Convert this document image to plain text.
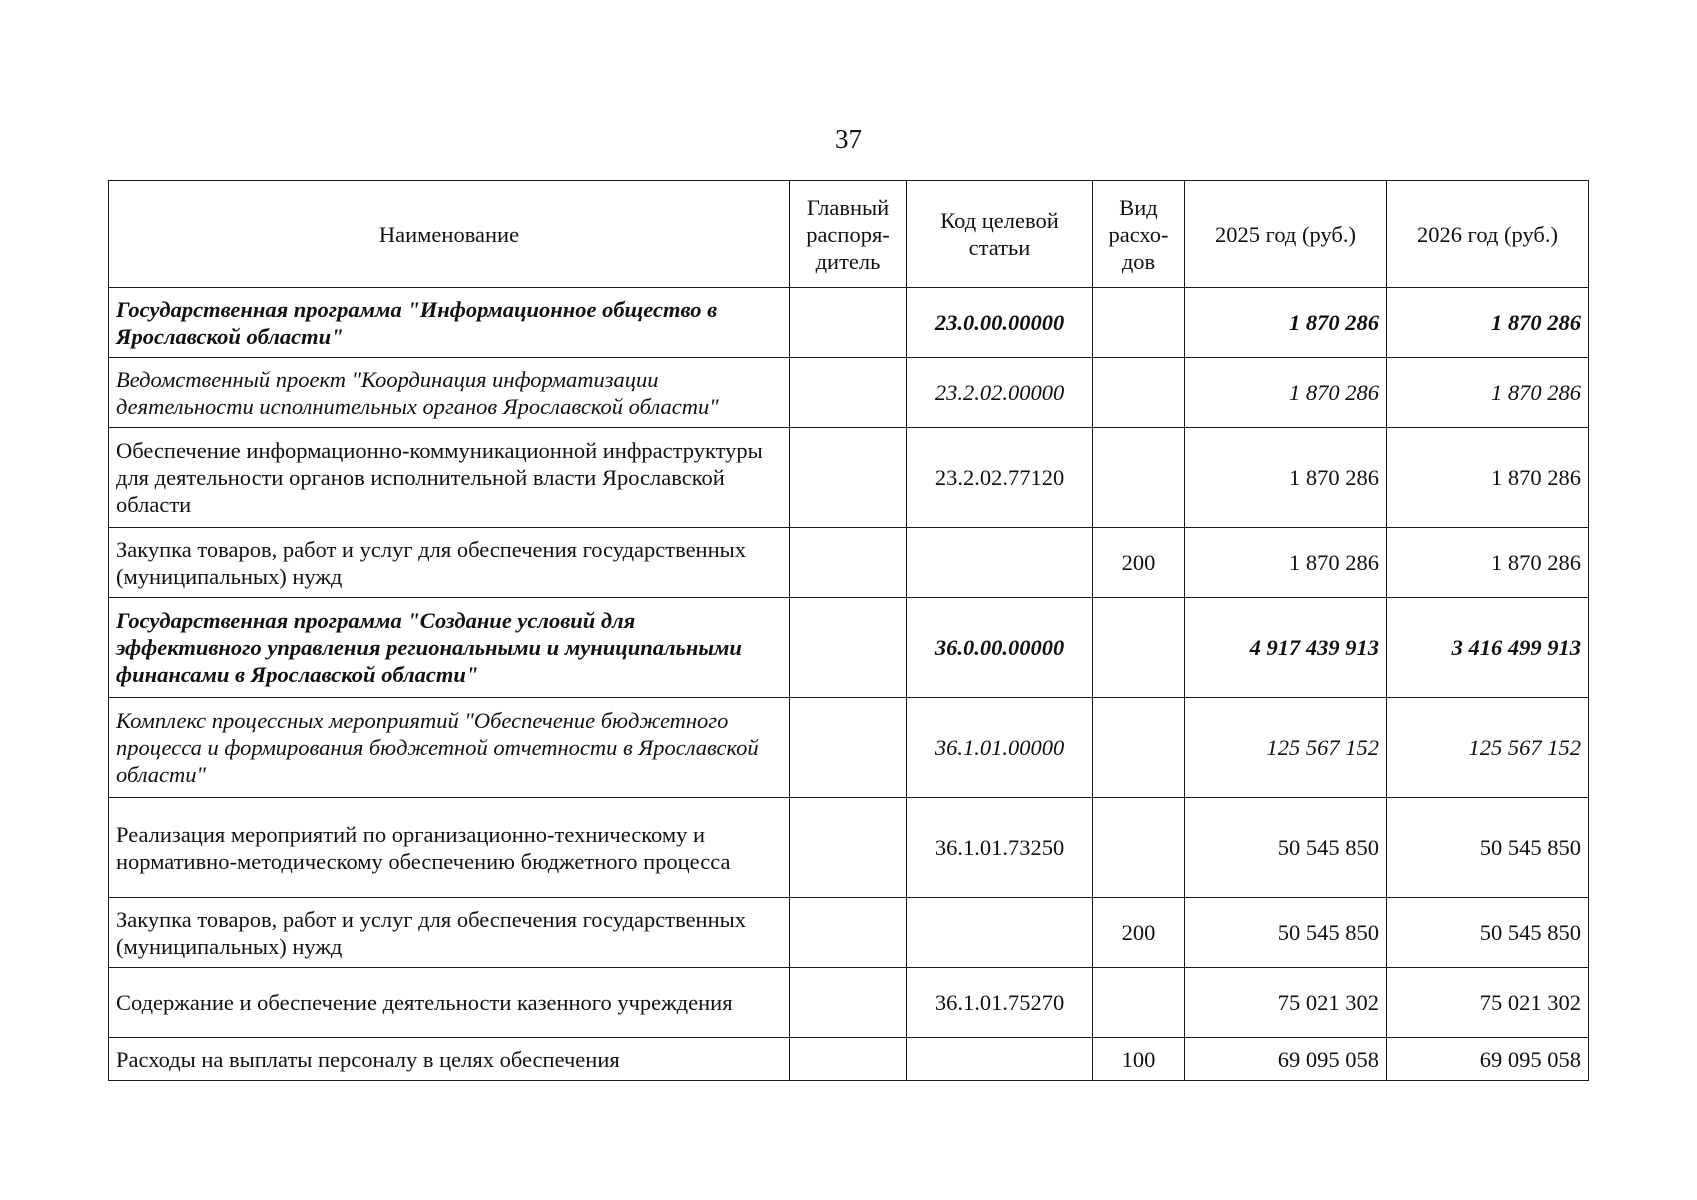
37
Наименование	Главный распоря-дитель	Код целевой статьи	Вид расхо-дов	2025 год (руб.)	2026 год (руб.)
Государственная программа "Информационное общество в Ярославской области"		23.0.00.00000		1 870 286	1 870 286
Ведомственный проект "Координация информатизации деятельности исполнительных органов Ярославской области"		23.2.02.00000		1 870 286	1 870 286
Обеспечение информационно-коммуникационной инфраструктуры для деятельности органов исполнительной власти Ярославской области		23.2.02.77120		1 870 286	1 870 286
Закупка товаров, работ и услуг для обеспечения государственных (муниципальных) нужд			200	1 870 286	1 870 286
Государственная программа "Создание условий для эффективного управления региональными и муниципальными финансами в Ярославской области"		36.0.00.00000		4 917 439 913	3 416 499 913
Комплекс процессных мероприятий "Обеспечение бюджетного процесса и формирования бюджетной отчетности в Ярославской области"		36.1.01.00000		125 567 152	125 567 152
Реализация мероприятий по организационно-техническому и нормативно-методическому обеспечению бюджетного процесса		36.1.01.73250		50 545 850	50 545 850
Закупка товаров, работ и услуг для обеспечения государственных (муниципальных) нужд			200	50 545 850	50 545 850
Содержание и обеспечение деятельности казенного учреждения		36.1.01.75270		75 021 302	75 021 302
Расходы на выплаты персоналу в целях обеспечения			100	69 095 058	69 095 058
